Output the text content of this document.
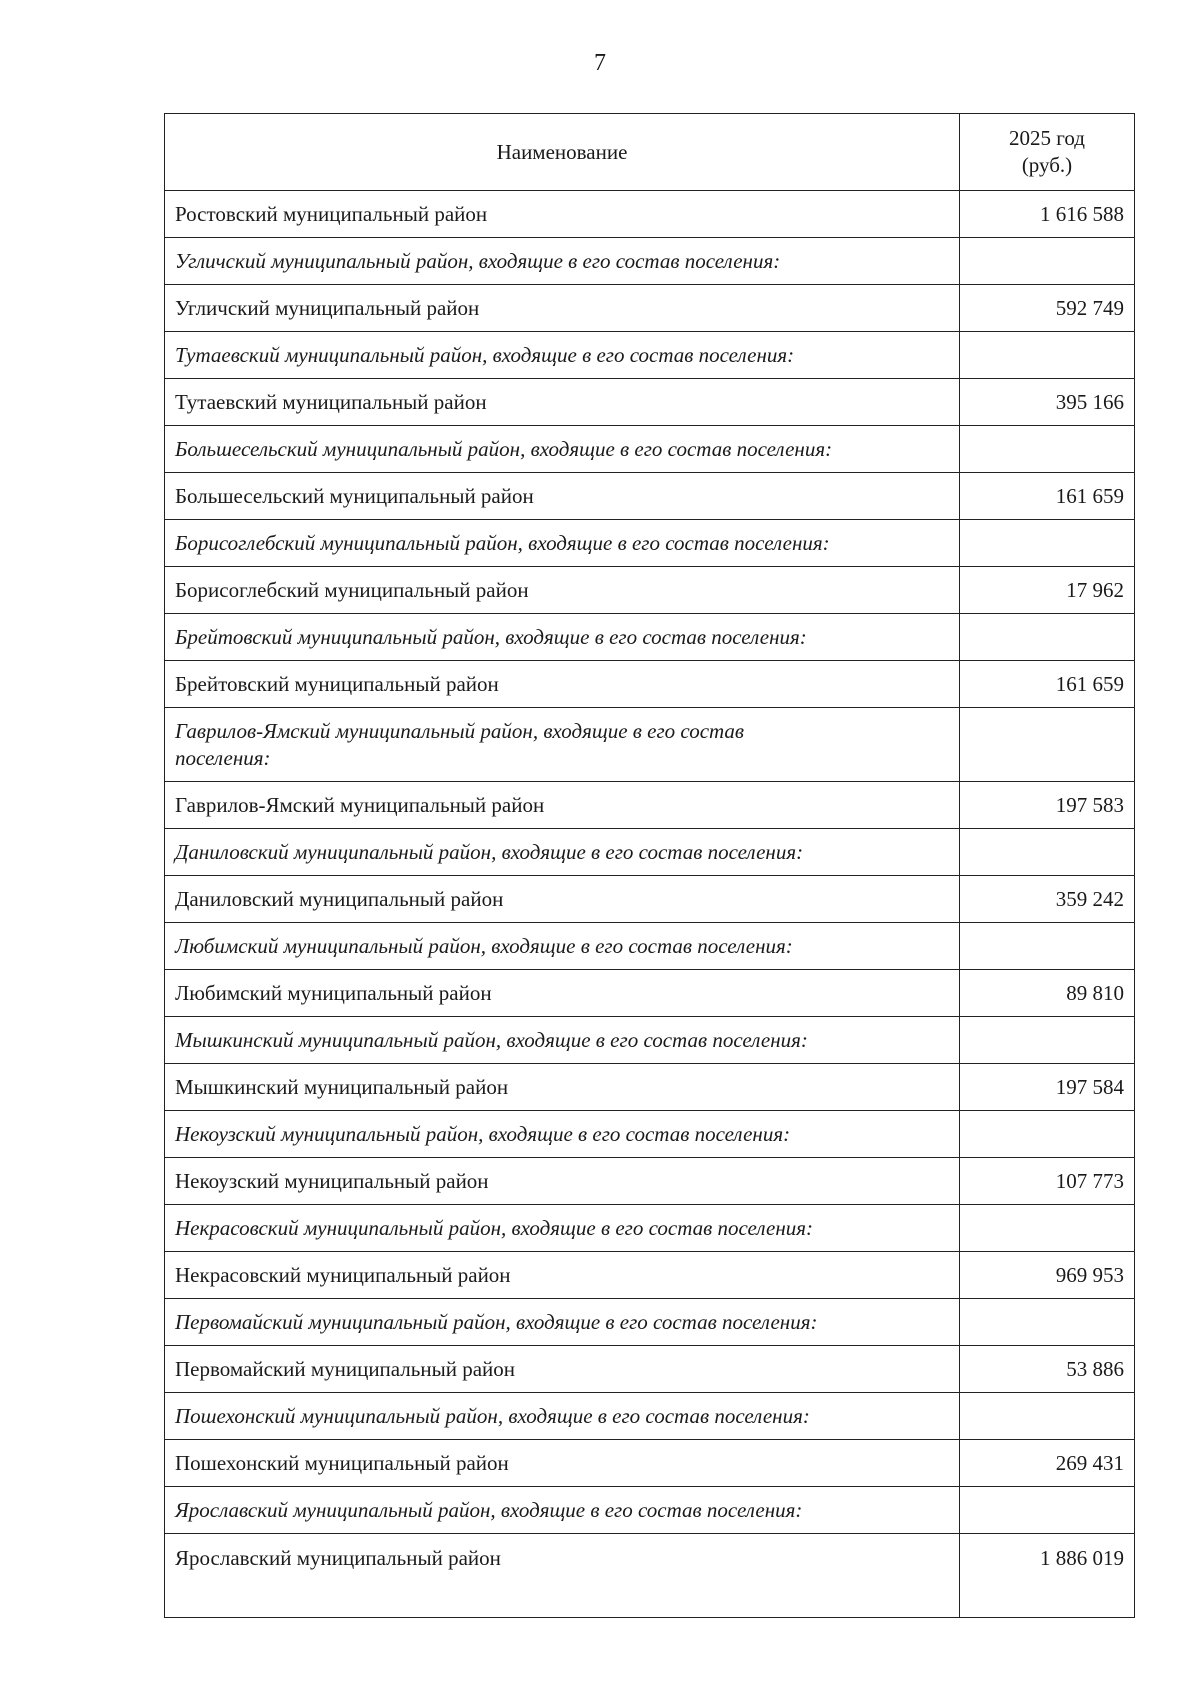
7
Наименование	2025 год
(руб.)
Ростовский муниципальный район	1 616 588
Угличский муниципальный район, входящие в его состав поселения:	
Угличский муниципальный район	592 749
Тутаевский муниципальный район, входящие в его состав поселения:	
Тутаевский муниципальный район	395 166
Большесельский муниципальный район, входящие в его состав поселения:	
Большесельский муниципальный район	161 659
Борисоглебский муниципальный район, входящие в его состав поселения:	
Борисоглебский муниципальный район	17 962
Брейтовский муниципальный район, входящие в его состав поселения:	
Брейтовский муниципальный район	161 659
Гаврилов-Ямский муниципальный район, входящие в его состав поселения:	
Гаврилов-Ямский муниципальный район	197 583
Даниловский муниципальный район, входящие в его состав поселения:	
Даниловский муниципальный район	359 242
Любимский муниципальный район, входящие в его состав поселения:	
Любимский муниципальный район	89 810
Мышкинский муниципальный район, входящие в его состав поселения:	
Мышкинский муниципальный район	197 584
Некоузский муниципальный район, входящие в его состав поселения:	
Некоузский муниципальный район	107 773
Некрасовский муниципальный район, входящие в его состав поселения:	
Некрасовский муниципальный район	969 953
Первомайский муниципальный район, входящие в его состав поселения:	
Первомайский муниципальный район	53 886
Пошехонский муниципальный район, входящие в его состав поселения:	
Пошехонский муниципальный район	269 431
Ярославский муниципальный район, входящие в его состав поселения:	
Ярославский муниципальный район	1 886 019
